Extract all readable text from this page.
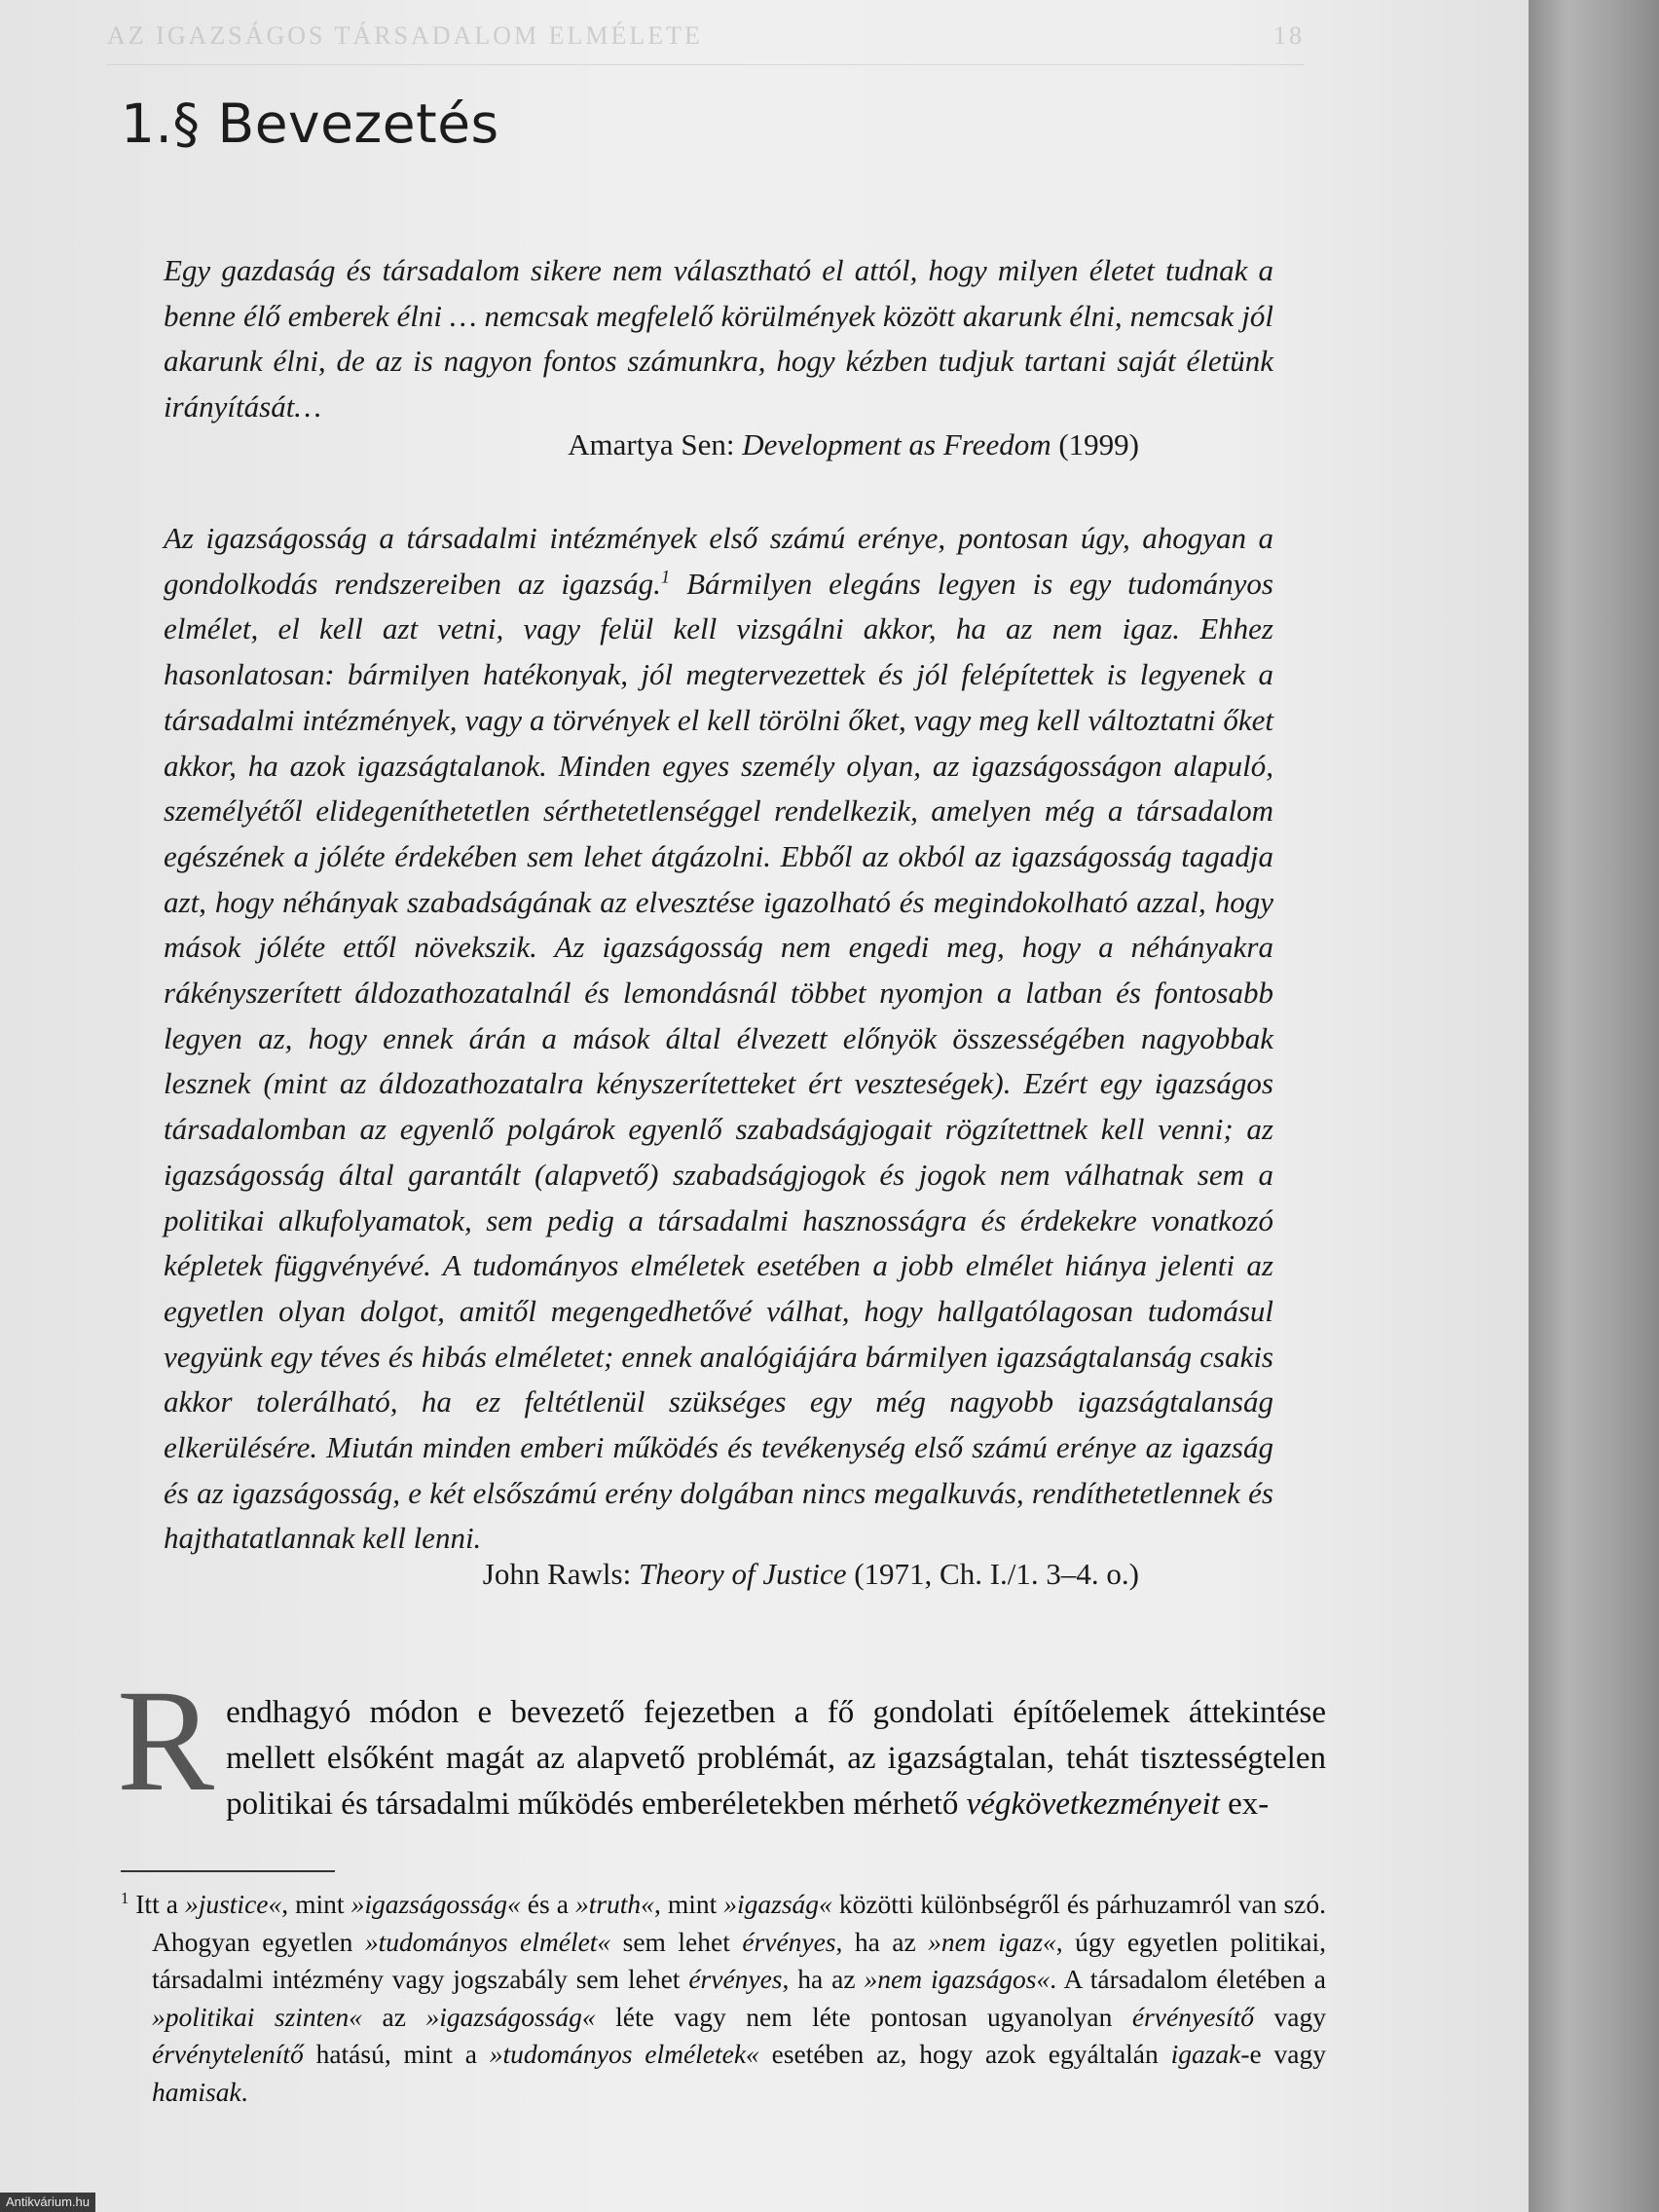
AZ IGAZSÁGOS TÁRSADALOM ELMÉLETE	18
1.§ Bevezetés

Egy gazdaság és társadalom sikere nem választható el attól, hogy milyen életet tudnak a benne élő emberek élni … nemcsak megfelelő körülmények között akarunk élni, nemcsak jól akarunk élni, de az is nagyon fontos számunkra, hogy kézben tudjuk tartani saját életünk irányítását…

Amartya Sen: Development as Freedom (1999)

Az igazságosság a társadalmi intézmények első számú erénye, pontosan úgy, ahogyan a gondolkodás rendszereiben az igazság.$^1$ Bármilyen elegáns legyen is egy tudományos elmélet, el kell azt vetni, vagy felül kell vizsgálni akkor, ha az nem igaz. Ehhez hasonlatosan: bármilyen hatékonyak, jól megtervezettek és jól felépítettek is legyenek a társadalmi intézmények, vagy a törvények el kell törölni őket, vagy meg kell változtatni őket akkor, ha azok igazságtalanok. Minden egyes személy olyan, az igazságosságon alapuló, személyétől elidegeníthetetlen sérthetetlenséggel rendelkezik, amelyen még a társadalom egészének a jóléte érdekében sem lehet átgázolni. Ebből az okból az igazságosság tagadja azt, hogy néhányak szabadságának az elvesztése igazolható és megindokolható azzal, hogy mások jóléte ettől növekszik. Az igazságosság nem engedi meg, hogy a néhányakra rákényszerített áldozathozatalnál és lemondásnál többet nyomjon a latban és fontosabb legyen az, hogy ennek árán a mások által élvezett előnyök összességében nagyobbak lesznek (mint az áldozathozatalra kényszerítetteket ért veszteségek). Ezért egy igazságos társadalomban az egyenlő polgárok egyenlő szabadságjogait rögzítettnek kell venni; az igazságosság által garantált (alapvető) szabadságjogok és jogok nem válhatnak sem a politikai alkufolyamatok, sem pedig a társadalmi hasznosságra és érdekekre vonatkozó képletek függvényévé. A tudományos elméletek esetében a jobb elmélet hiánya jelenti az egyetlen olyan dolgot, amitől megengedhetővé válhat, hogy hallgatólagosan tudomásul vegyünk egy téves és hibás elméletet; ennek analógiájára bármilyen igazságtalanság csakis akkor tolerálható, ha ez feltétlenül szükséges egy még nagyobb igazságtalanság elkerülésére. Miután minden emberi működés és tevékenység első számú erénye az igazság és az igazságosság, e két elsőszámú erény dolgában nincs megalkuvás, rendíthetetlennek és hajthatatlannak kell lenni.

John Rawls: Theory of Justice (1971, Ch. I./1. 3–4. o.)

Rendhagyó módon e bevezető fejezetben a fő gondolati építőelemek áttekintése mellett elsőként magát az alapvető problémát, az igazságtalan, tehát tisztességtelen politikai és társadalmi működés emberéletekben mérhető végkövetkezményeit ex-

$^1$ Itt a »justice«, mint »igazságosság« és a »truth«, mint »igazság« közötti különbségről és párhuzamról van szó. Ahogyan egyetlen »tudományos elmélet« sem lehet érvényes, ha az »nem igaz«, úgy egyetlen politikai, társadalmi intézmény vagy jogszabály sem lehet érvényes, ha az »nem igazságos«. A társadalom életében a »politikai szinten« az »igazságosság« léte vagy nem léte pontosan ugyanolyan érvényesítő vagy érvénytelenítő hatású, mint a »tudományos elméletek« esetében az, hogy azok egyáltalán igazak-e vagy hamisak.

Antikvárium.hu
